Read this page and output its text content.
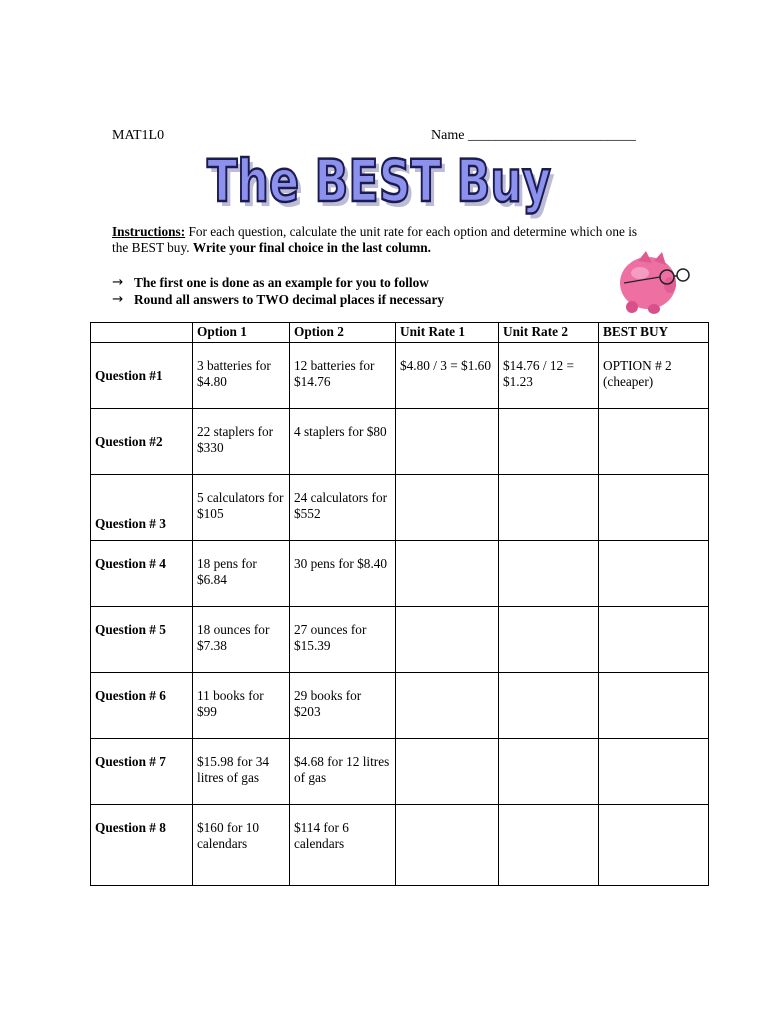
MAT1L0	Name ________________________
The BEST Buy
The BEST Buy
Instructions: For each question, calculate the unit rate for each option and determine which one is the BEST buy. Write your final choice in the last column.
→ The first one is done as an example for you to follow
→ Round all answers to TWO decimal places if necessary
	Option 1	Option 2	Unit Rate 1	Unit Rate 2	BEST BUY
Question #1	3 batteries for $4.80	12 batteries for $14.76	$4.80 / 3 = $1.60	$14.76 / 12 = $1.23	OPTION # 2 (cheaper)
Question #2	22 staplers for $330	4 staplers for $80			
Question # 3	5 calculators for $105	24 calculators for $552			
Question # 4	18 pens for $6.84	30 pens for $8.40			
Question # 5	18 ounces for $7.38	27 ounces for $15.39			
Question # 6	11 books for $99	29 books for $203			
Question # 7	$15.98 for 34 litres of gas	$4.68 for 12 litres of gas			
Question # 8	$160 for 10 calendars	$114 for 6 calendars			
